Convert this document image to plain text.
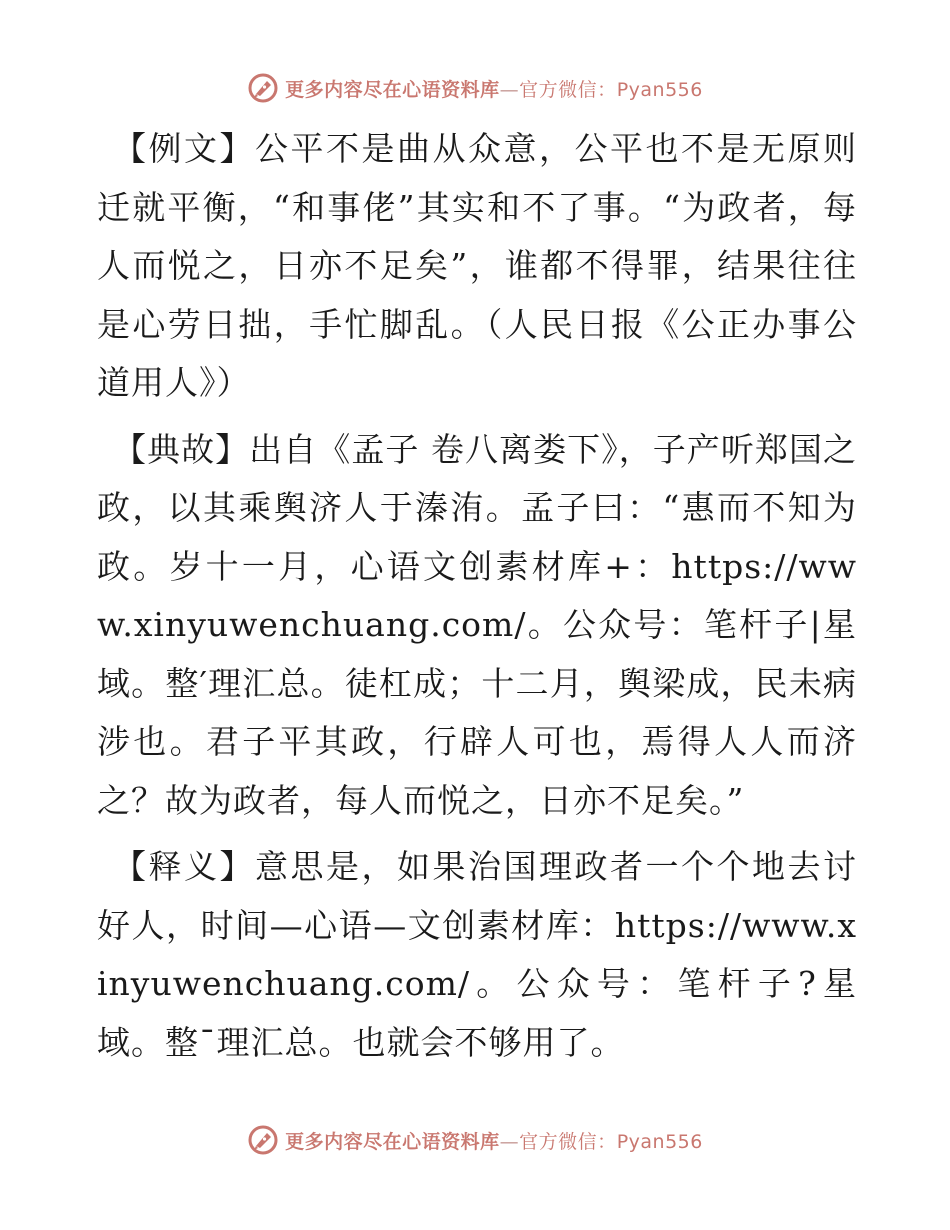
更多内容尽在心语资料库—官方微信：Pyan556

【例文】公平不是曲从众意，公平也不是无原则迁就平衡，“和事佬”其实和不了事。“为政者，每人而悦之，日亦不足矣”，谁都不得罪，结果往往是心劳日拙，手忙脚乱。（人民日报《公正办事公道用人》）

【典故】出自《孟子 卷八离娄下》，子产听郑国之政，以其乘舆济人于溱洧。孟子曰：“惠而不知为政。岁十一月，心语文创素材库+：https://www.xinyuwenchuang.com/。公众号：笔杆子|星域。整′理汇总。徒杠成；十二月，舆梁成，民未病涉也。君子平其政，行辟人可也，焉得人人而济之？故为政者，每人而悦之，日亦不足矣。”

【释义】意思是，如果治国理政者一个个地去讨好人，时间—心语—文创素材库：https://www.xinyuwenchuang.com/。公众号：笔杆子?星域。整¯理汇总。也就会不够用了。

更多内容尽在心语资料库—官方微信：Pyan556
